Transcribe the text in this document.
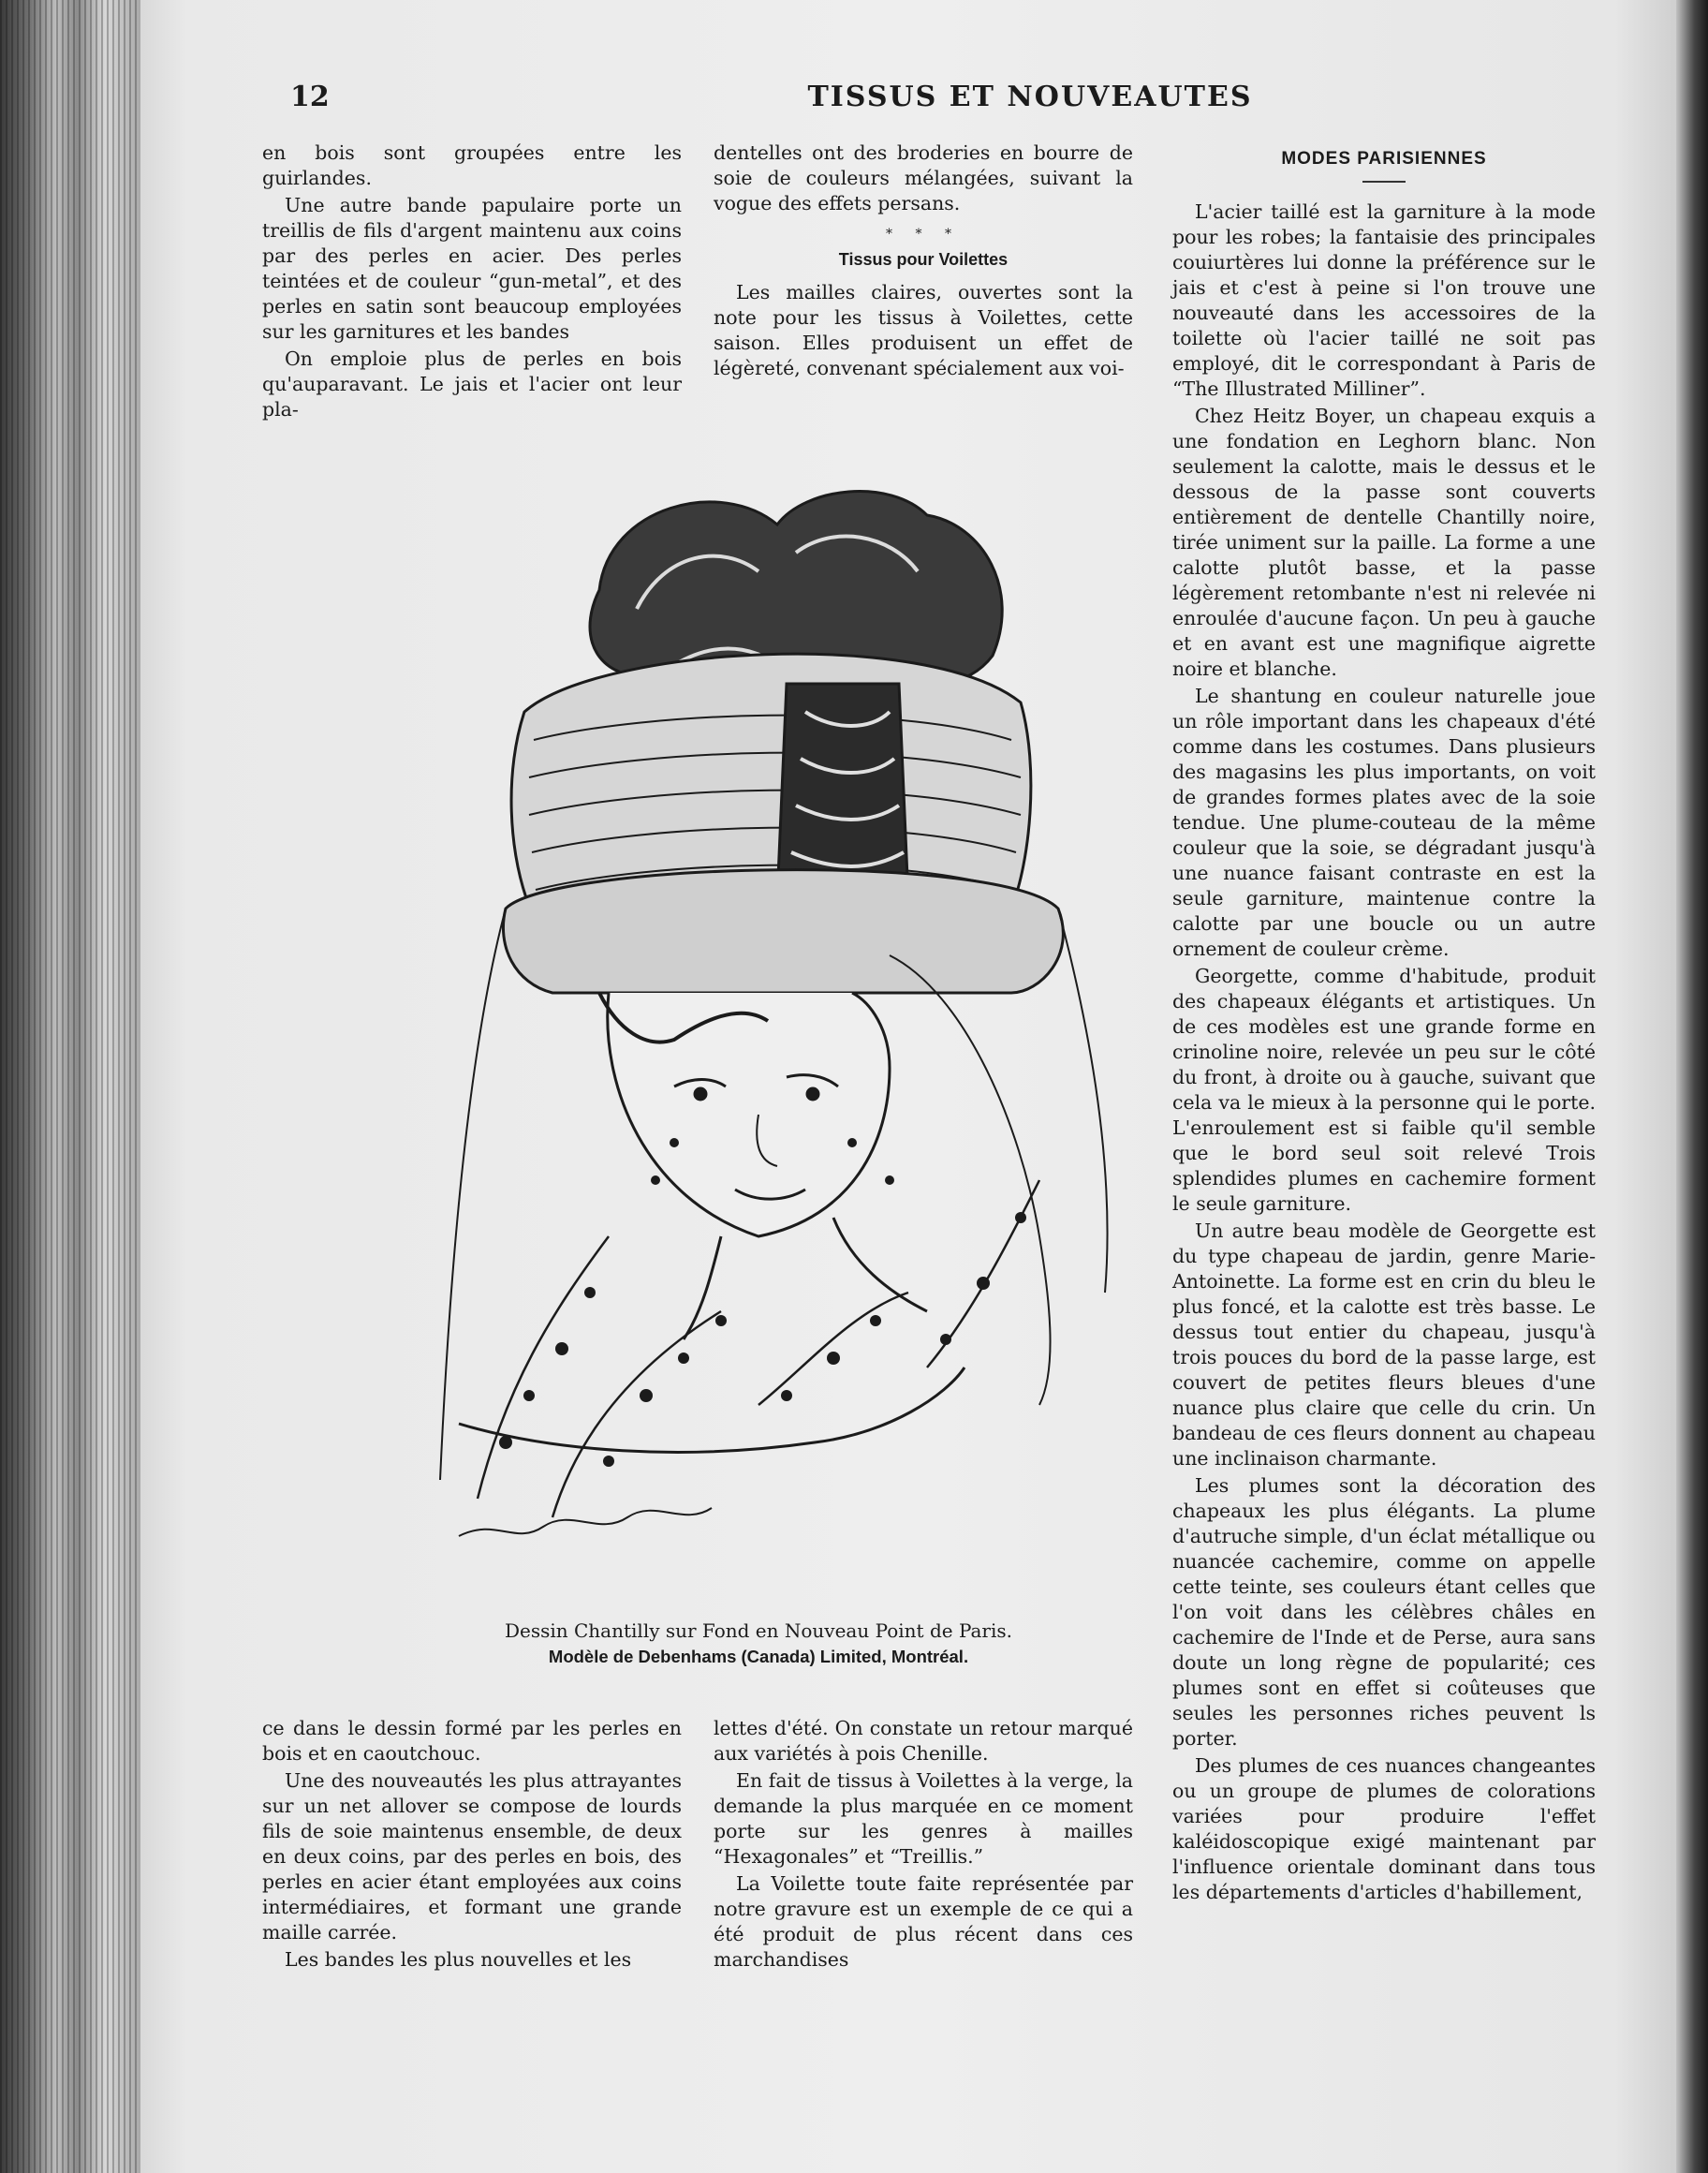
12	TISSUS ET NOUVEAUTES

en bois sont groupées entre les guirlandes.

Une autre bande papulaire porte un treillis de fils d'argent maintenu aux coins par des perles en acier. Des perles teintées et de couleur “gun-metal”, et des perles en satin sont beaucoup employées sur les garnitures et les bandes

On emploie plus de perles en bois qu'auparavant. Le jais et l'acier ont leur pla-

dentelles ont des broderies en bourre de soie de couleurs mélangées, suivant la vogue des effets persans.

* * *
Tissus pour Voilettes

Les mailles claires, ouvertes sont la note pour les tissus à Voilettes, cette saison. Elles produisent un effet de légèreté, convenant spécialement aux voi-

MODES PARISIENNES

L'acier taillé est la garniture à la mode pour les robes; la fantaisie des principales couiurtères lui donne la préférence sur le jais et c'est à peine si l'on trouve une nouveauté dans les accessoires de la toilette où l'acier taillé ne soit pas employé, dit le correspondant à Paris de “The Illustrated Milliner”.

Chez Heitz Boyer, un chapeau exquis a une fondation en Leghorn blanc. Non seulement la calotte, mais le dessus et le dessous de la passe sont couverts entièrement de dentelle Chantilly noire, tirée uniment sur la paille. La forme a une calotte plutôt basse, et la passe légèrement retombante n'est ni relevée ni enroulée d'aucune façon. Un peu à gauche et en avant est une magnifique aigrette noire et blanche.

Le shantung en couleur naturelle joue un rôle important dans les chapeaux d'été comme dans les costumes. Dans plusieurs des magasins les plus importants, on voit de grandes formes plates avec de la soie tendue. Une plume-couteau de la même couleur que la soie, se dégradant jusqu'à une nuance faisant contraste en est la seule garniture, maintenue contre la calotte par une boucle ou un autre ornement de couleur crème.

Georgette, comme d'habitude, produit des chapeaux élégants et artistiques. Un de ces modèles est une grande forme en crinoline noire, relevée un peu sur le côté du front, à droite ou à gauche, suivant que cela va le mieux à la personne qui le porte. L'enroulement est si faible qu'il semble que le bord seul soit relevé Trois splendides plumes en cachemire forment le seule garniture.

Un autre beau modèle de Georgette est du type chapeau de jardin, genre Marie-Antoinette. La forme est en crin du bleu le plus foncé, et la calotte est très basse. Le dessus tout entier du chapeau, jusqu'à trois pouces du bord de la passe large, est couvert de petites fleurs bleues d'une nuance plus claire que celle du crin. Un bandeau de ces fleurs donnent au chapeau une inclinaison charmante.

Les plumes sont la décoration des chapeaux les plus élégants. La plume d'autruche simple, d'un éclat métallique ou nuancée cachemire, comme on appelle cette teinte, ses couleurs étant celles que l'on voit dans les célèbres châles en cachemire de l'Inde et de Perse, aura sans doute un long règne de popularité; ces plumes sont en effet si coûteuses que seules les personnes riches peuvent ls porter.

Des plumes de ces nuances changeantes ou un groupe de plumes de colorations variées pour produire l'effet kaléidoscopique exigé maintenant par l'influence orientale dominant dans tous les départements d'articles d'habillement,

Dessin Chantilly sur Fond en Nouveau Point de Paris.
Modèle de Debenhams (Canada) Limited, Montréal.

ce dans le dessin formé par les perles en bois et en caoutchouc.

Une des nouveautés les plus attrayantes sur un net allover se compose de lourds fils de soie maintenus ensemble, de deux en deux coins, par des perles en bois, des perles en acier étant employées aux coins intermédiaires, et formant une grande maille carrée.

Les bandes les plus nouvelles et les

lettes d'été. On constate un retour marqué aux variétés à pois Chenille.

En fait de tissus à Voilettes à la verge, la demande la plus marquée en ce moment porte sur les genres à mailles “Hexagonales” et “Treillis.”

La Voilette toute faite représentée par notre gravure est un exemple de ce qui a été produit de plus récent dans ces marchandises
